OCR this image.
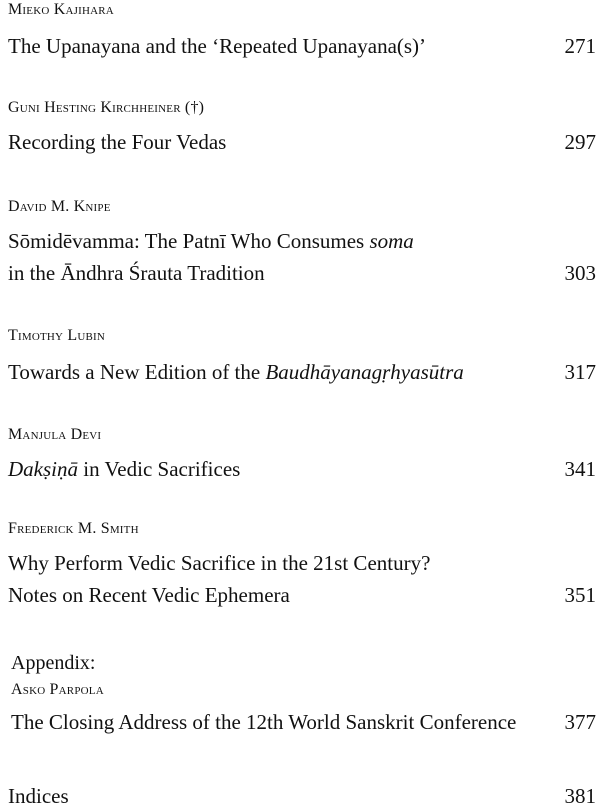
Mieko Kajihara
The Upanayana and the ‘Repeated Upanayana(s)’	271
Guni Hesting Kirchheiner (†)
Recording the Four Vedas	297
David M. Knipe
Sōmidēvamma: The Patnī Who Consumes soma
in the Āndhra Śrauta Tradition	303
Timothy Lubin
Towards a New Edition of the Baudhāyanagṛhyasūtra	317
Manjula Devi
Dakṣiṇā in Vedic Sacrifices	341
Frederick M. Smith
Why Perform Vedic Sacrifice in the 21st Century?
Notes on Recent Vedic Ephemera	351
Appendix:
Asko Parpola
The Closing Address of the 12th World Sanskrit Conference 377
Indices	381
